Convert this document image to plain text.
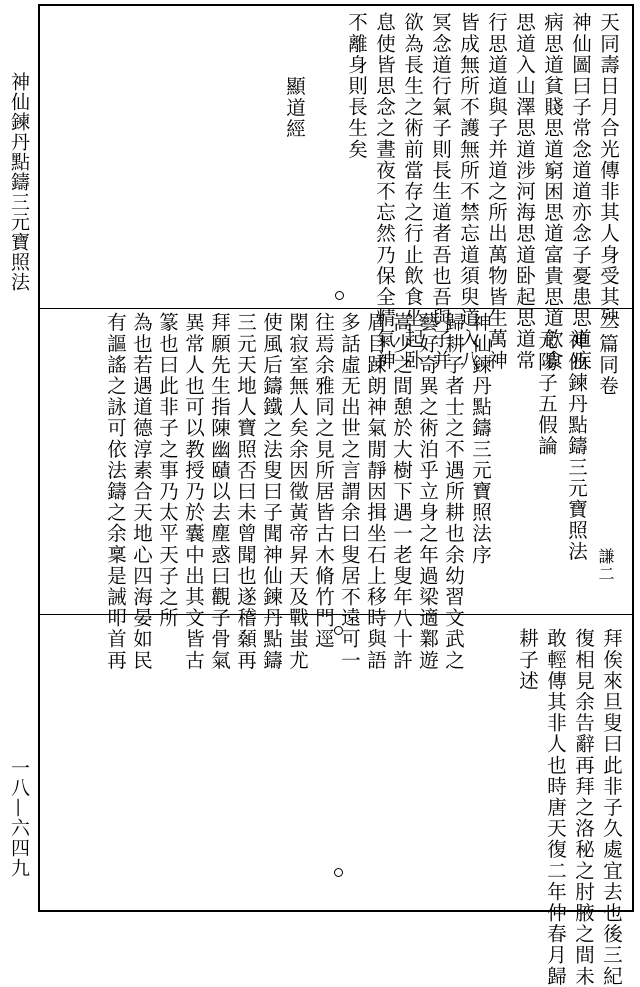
神仙鍊丹點鑄三元寶照法
一八—六四九
天同壽日月合光傳非其人身受其殃
神仙圖曰子常念道道亦念子憂患思道疾
病思道貧賤思道窮困思道富貴思道飲食
思道入山澤思道涉河海思道卧起思道常
行思道道與子并道之所出萬物皆生萬神
皆成無所不護無所不禁忘道須臾道入八
冥念道行氣子則長生道者吾也吾與子并
欲為長生之術前當存之行止飲食坐起卧
息使皆思念之晝夜不忘然乃保全精氣神
不離身則長生矣
顯道經
二篇同卷
神仙鍊丹點鑄三元寶照法
元陽子五假論
神仙鍊丹點鑄三元寶照法序
歸耕子者士之不遇所耕也余幼習文武之
藝好奇異之術泊乎立身之年過梁適鄴遊
嵩少之間憩於大樹下遇一老叟年八十許
眉目踈朗神氣閒靜因揖坐石上移時與語
多話虛无出世之言謂余曰叟居不遠可一
往焉余雅同之見所居皆古木脩竹門逕
閑寂室無人矣余因徵黃帝昇天及戰蚩尤
使風后鑄鐵之法叟曰子聞神仙鍊丹點鑄
三元天地人寶照否曰未曾聞也遂稽顙再
拜願先生指陳幽賾以去塵惑曰觀子骨氣
異常人也可以教授乃於囊中出其文皆古
篆也曰此非子之事乃太平天子之所
為也若遇道德淳素合天地心四海晏如民
有謳謠之詠可依法鑄之余稟是誡叩首再	謙二
拜俟來旦叟曰此非子久處宜去也後三紀
復相見余告辭再拜之洛秘之肘腋之間未
敢輕傳其非人也時唐天復二年仲春月歸
耕子述
